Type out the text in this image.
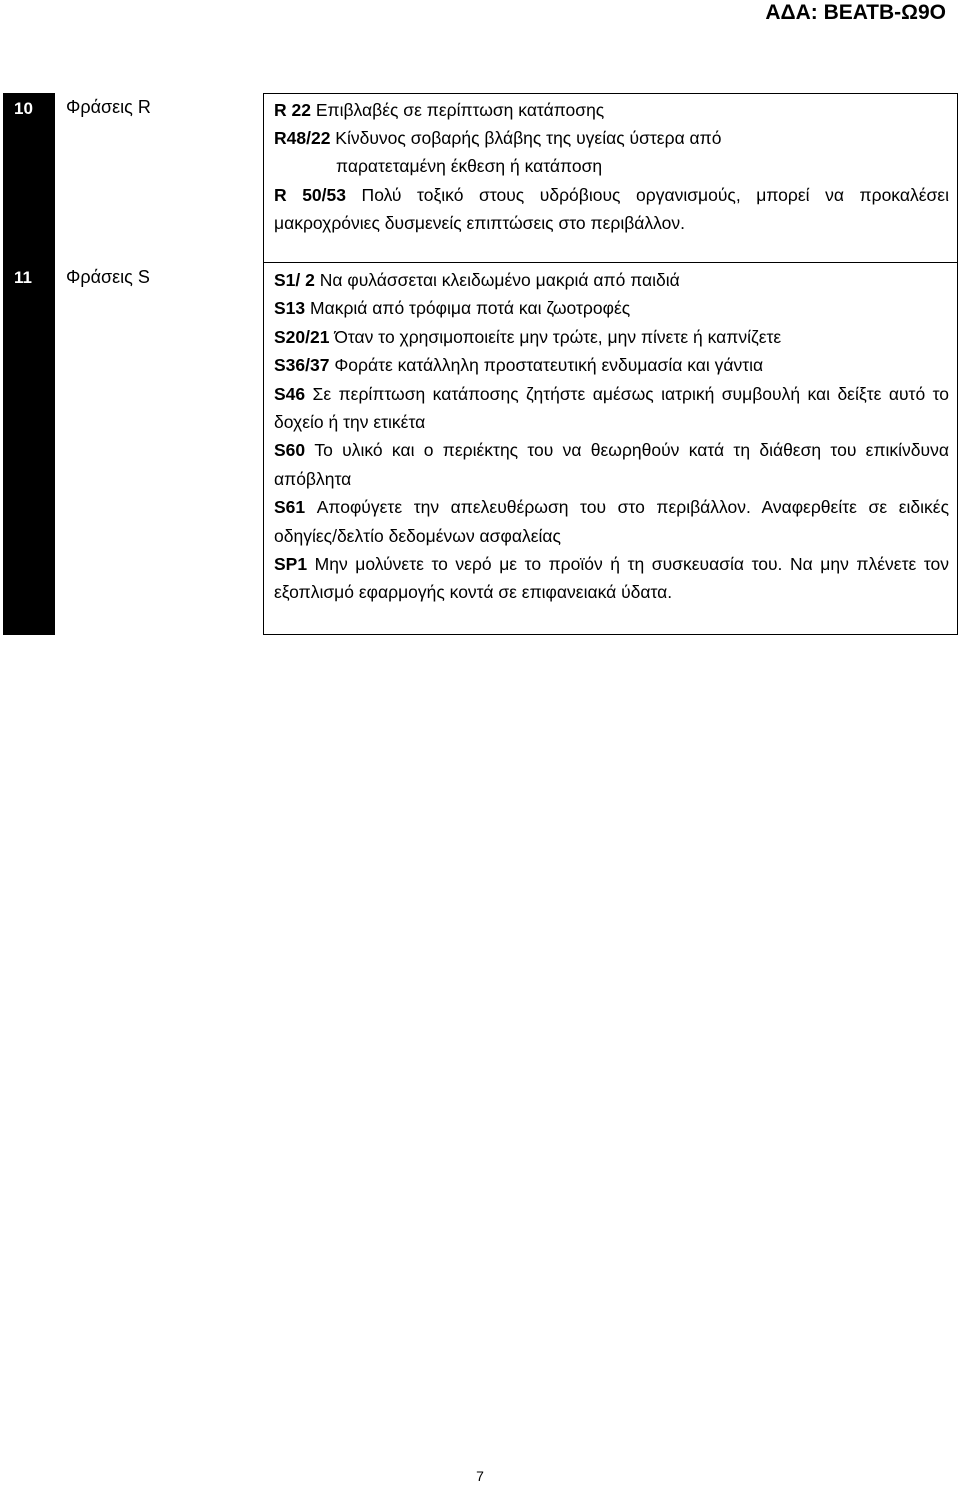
ΑΔΑ: ΒΕΑΤΒ-Ω9Ο
10
11
Φράσεις R
Φράσεις S

R 22 Επιβλαβές σε περίπτωση κατάποσης

R48/22 Κίνδυνος σοβαρής βλάβης της υγείας ύστερα από

παρατεταμένη έκθεση ή κατάποση

R 50/53 Πολύ τοξικό στους υδρόβιους οργανισμούς, μπορεί να προκαλέσει μακροχρόνιες δυσμενείς επιπτώσεις στο περιβάλλον.

S1/ 2 Να φυλάσσεται κλειδωμένο μακριά από παιδιά

S13 Μακριά από τρόφιμα ποτά και ζωοτροφές

S20/21 Όταν το χρησιμοποιείτε μην τρώτε, μην πίνετε ή καπνίζετε

S36/37 Φοράτε κατάλληλη προστατευτική ενδυμασία και γάντια

S46 Σε περίπτωση κατάποσης ζητήστε αμέσως ιατρική συμβουλή και δείξτε αυτό το δοχείο ή την ετικέτα

S60 Το υλικό και ο περιέκτης του να θεωρηθούν κατά τη διάθεση του επικίνδυνα απόβλητα

S61 Αποφύγετε την απελευθέρωση του στο περιβάλλον. Αναφερθείτε σε ειδικές οδηγίες/δελτίο δεδομένων ασφαλείας

SP1 Μην μολύνετε το νερό με το προϊόν ή τη συσκευασία του. Να μην πλένετε τον εξοπλισμό εφαρμογής κοντά σε επιφανειακά ύδατα.

7
